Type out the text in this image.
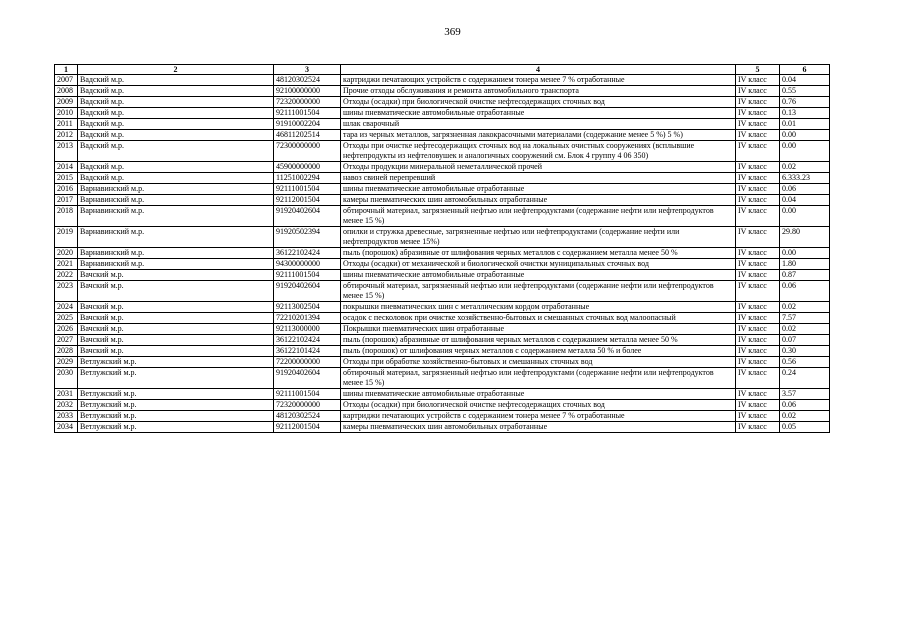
369
1	2	3	4	5	6
2007	Вадский м.р.	48120302524	картриджи печатающих устройств с содержанием тонера менее 7 % отработанные	IV класс	0.04
2008	Вадский м.р.	92100000000	Прочие отходы обслуживания и ремонта автомобильного транспорта	IV класс	0.55
2009	Вадский м.р.	72320000000	Отходы (осадки) при биологической очистке нефтесодержащих сточных вод	IV класс	0.76
2010	Вадский м.р.	92111001504	шины пневматические автомобильные отработанные	IV класс	0.13
2011	Вадский м.р.	91910002204	шлак сварочный	IV класс	0.01
2012	Вадский м.р.	46811202514	тара из черных металлов, загрязненная лакокрасочными материалами (содержание менее 5 %) 5 %)	IV класс	0.00
2013	Вадский м.р.	72300000000	Отходы при очистке нефтесодержащих сточных вод на локальных очистных сооружениях (всплывшие нефтепродукты из нефтеловушек и аналогичных сооружений см. Блок 4 группу 4 06 350)	IV класс	0.00
2014	Вадский м.р.	45900000000	Отходы продукции минеральной неметаллической прочей	IV класс	0.02
2015	Вадский м.р.	11251002294	навоз свиней перепревший	IV класс	6.333.23
2016	Варнавинский м.р.	92111001504	шины пневматические автомобильные отработанные	IV класс	0.06
2017	Варнавинский м.р.	92112001504	камеры пневматических шин автомобильных отработанные	IV класс	0.04
2018	Варнавинский м.р.	91920402604	обтирочный материал, загрязненный нефтью или нефтепродуктами (содержание нефти или нефтепродуктов менее 15 %)	IV класс	0.00
2019	Варнавинский м.р.	91920502394	опилки и стружка древесные, загрязненные нефтью или нефтепродуктами (содержание нефти или нефтепродуктов менее 15%)	IV класс	29.80
2020	Варнавинский м.р.	36122102424	пыль (порошок) абразивные от шлифования черных металлов с содержанием металла менее 50 %	IV класс	0.00
2021	Варнавинский м.р.	94300000000	Отходы (осадки) от механической и биологической очистки муниципальных сточных вод	IV класс	1.80
2022	Вачский м.р.	92111001504	шины пневматические автомобильные отработанные	IV класс	0.87
2023	Вачский м.р.	91920402604	обтирочный материал, загрязненный нефтью или нефтепродуктами (содержание нефти или нефтепродуктов менее 15 %)	IV класс	0.06
2024	Вачский м.р.	92113002504	покрышки пневматических шин с металлическим кордом отработанные	IV класс	0.02
2025	Вачский м.р.	72210201394	осадок с песколовок при очистке хозяйственно-бытовых и смешанных сточных вод малоопасный	IV класс	7.57
2026	Вачский м.р.	92113000000	Покрышки пневматических шин отработанные	IV класс	0.02
2027	Вачский м.р.	36122102424	пыль (порошок) абразивные от шлифования черных металлов с содержанием металла менее 50 %	IV класс	0.07
2028	Вачский м.р.	36122101424	пыль (порошок) от шлифования черных металлов с содержанием металла 50 % и более	IV класс	0.30
2029	Ветлужский м.р.	72200000000	Отходы при обработке хозяйственно-бытовых и смешанных сточных вод	IV класс	0.56
2030	Ветлужский м.р.	91920402604	обтирочный материал, загрязненный нефтью или нефтепродуктами (содержание нефти или нефтепродуктов менее 15 %)	IV класс	0.24
2031	Ветлужский м.р.	92111001504	шины пневматические автомобильные отработанные	IV класс	3.57
2032	Ветлужский м.р.	72320000000	Отходы (осадки) при биологической очистке нефтесодержащих сточных вод	IV класс	0.06
2033	Ветлужский м.р.	48120302524	картриджи печатающих устройств с содержанием тонера менее 7 % отработанные	IV класс	0.02
2034	Ветлужский м.р.	92112001504	камеры пневматических шин автомобильных отработанные	IV класс	0.05
